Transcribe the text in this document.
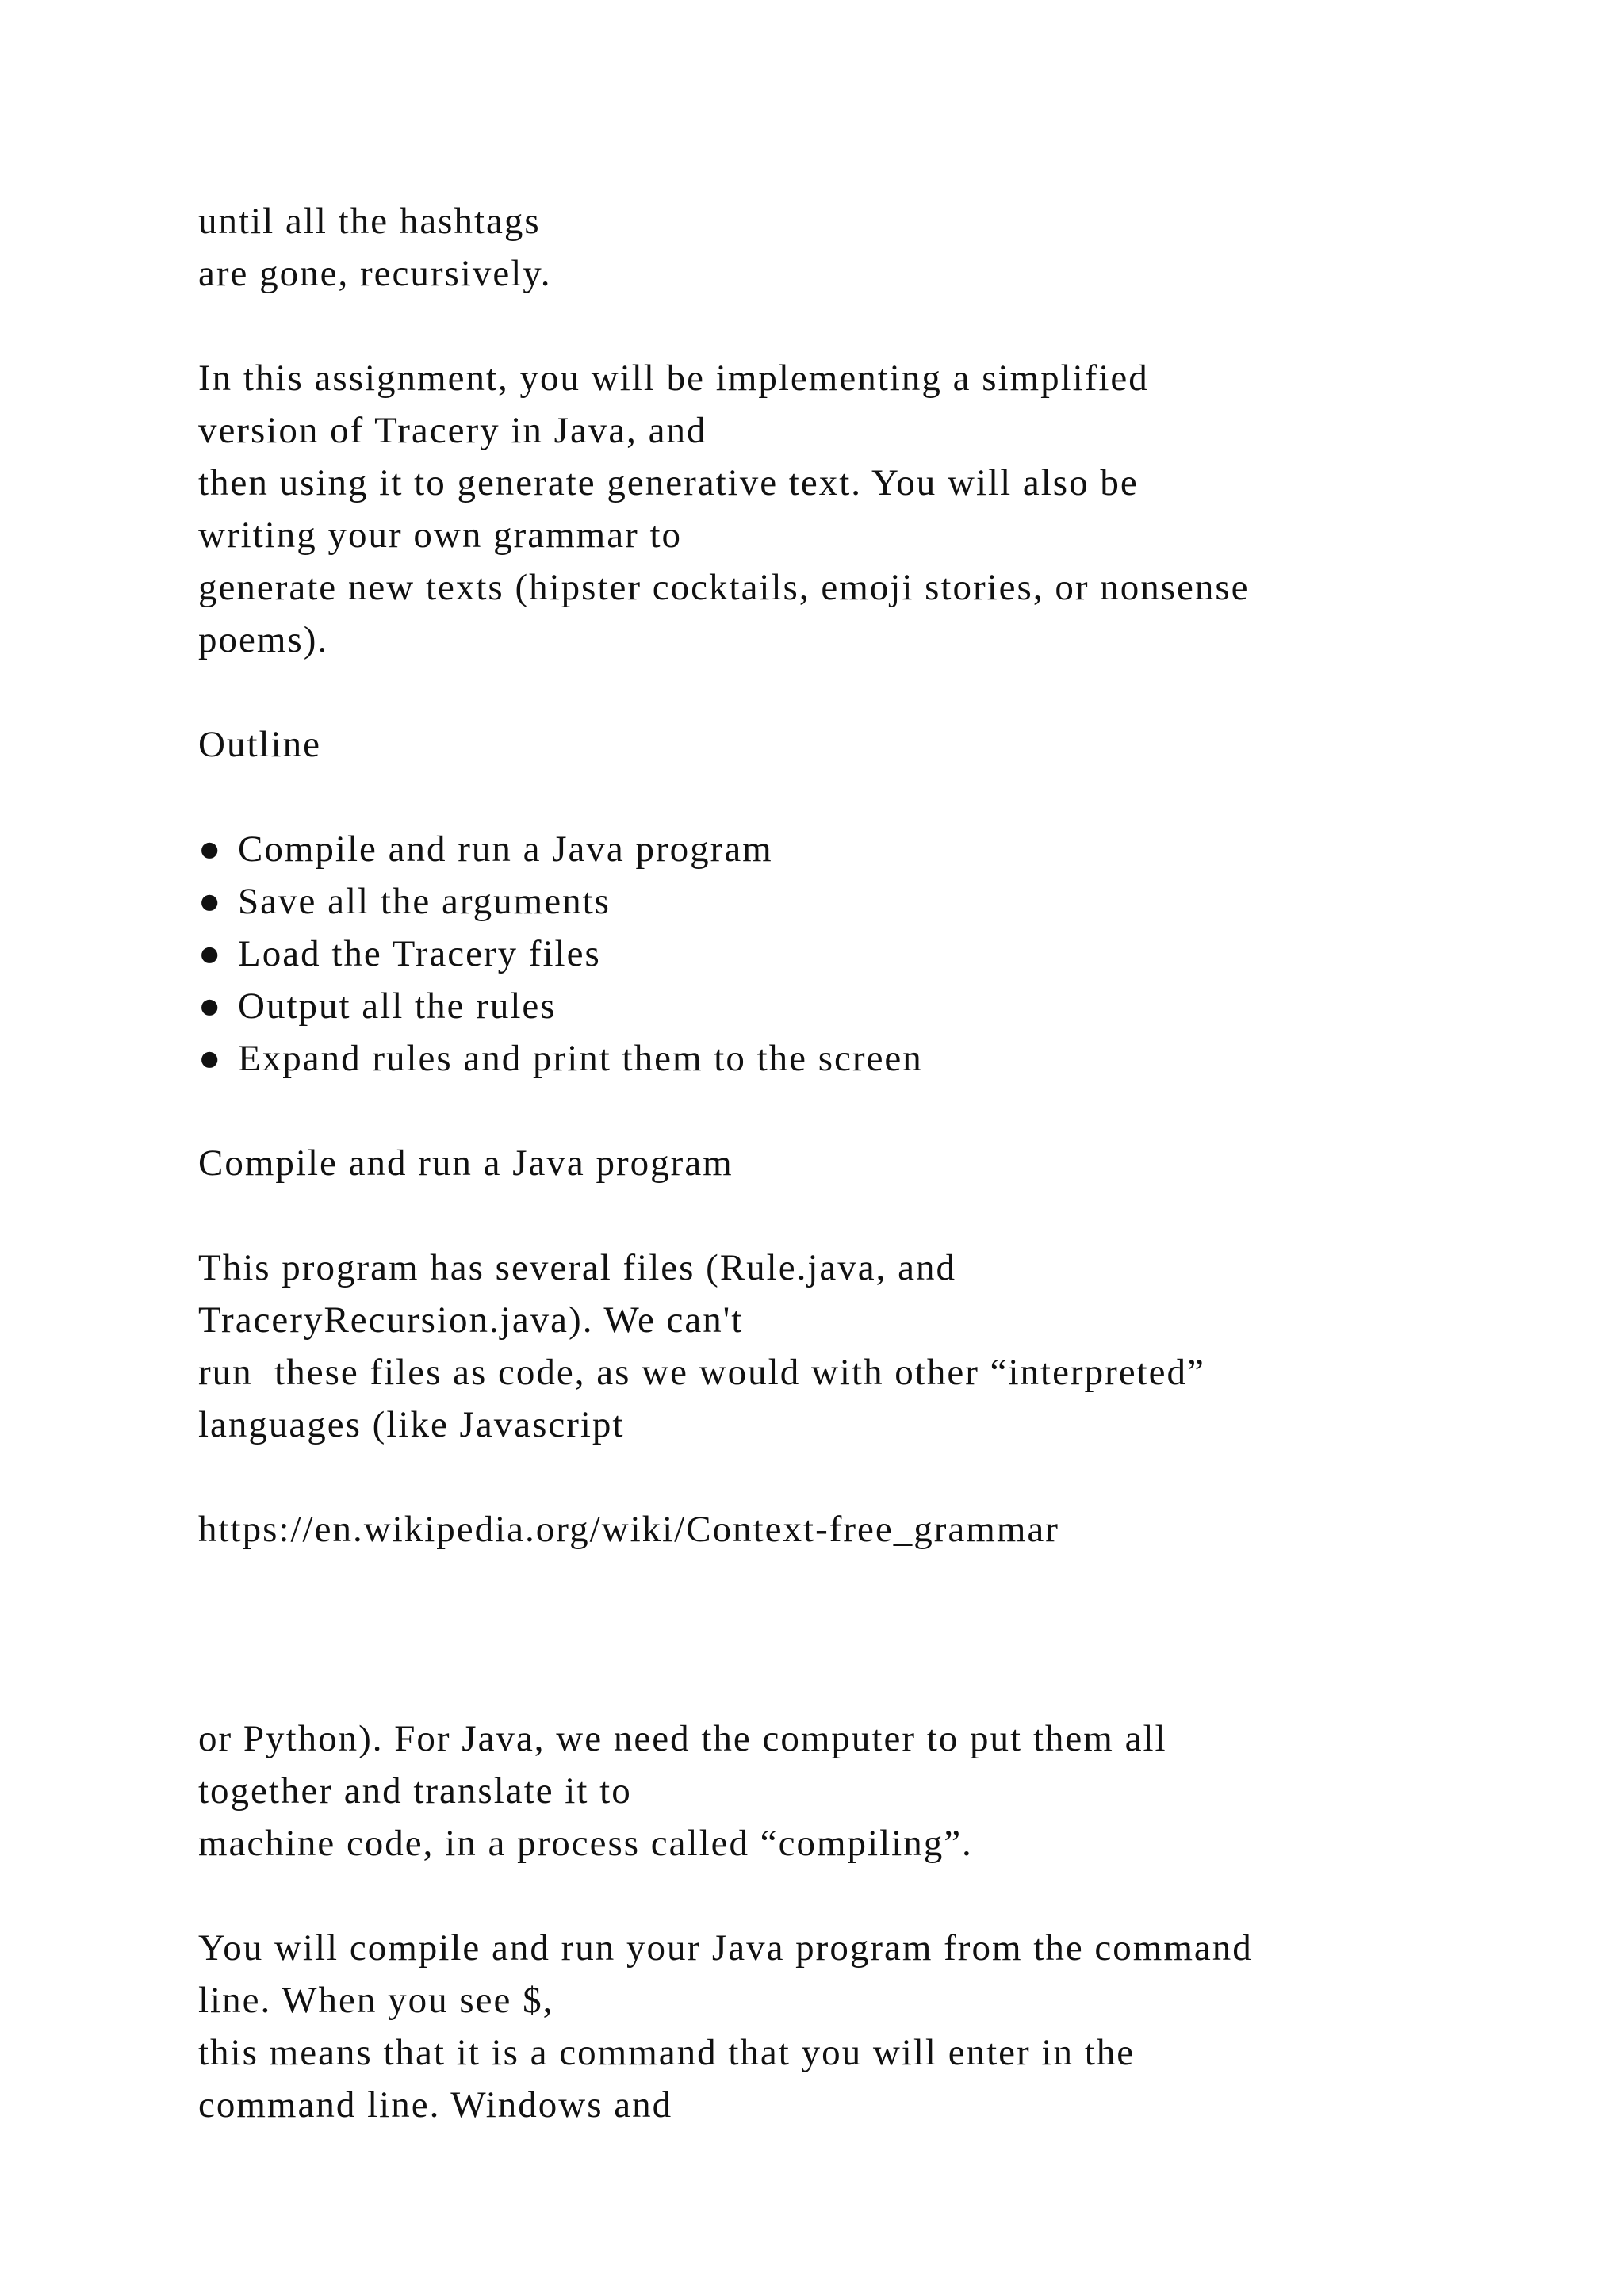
until all the hashtags
are gone, recursively.
In this assignment, you will be implementing a simplified
version of Tracery in Java, and
then using it to generate generative text. You will also be
writing your own grammar to
generate new texts (hipster cocktails, emoji stories, or nonsense
poems).
Outline
● Compile and run a Java program
● Save all the arguments
● Load the Tracery files
● Output all the rules
● Expand rules and print them to the screen
Compile and run a Java program
This program has several files (Rule.java, and
TraceryRecursion.java). We can't
run  these files as code, as we would with other “interpreted”
languages (like Javascript
https://en.wikipedia.org/wiki/Context-free_grammar
or Python). For Java, we need the computer to put them all
together and translate it to
machine code, in a process called “compiling”.
You will compile and run your Java program from the command
line. When you see $,
this means that it is a command that you will enter in the
command line. Windows and
